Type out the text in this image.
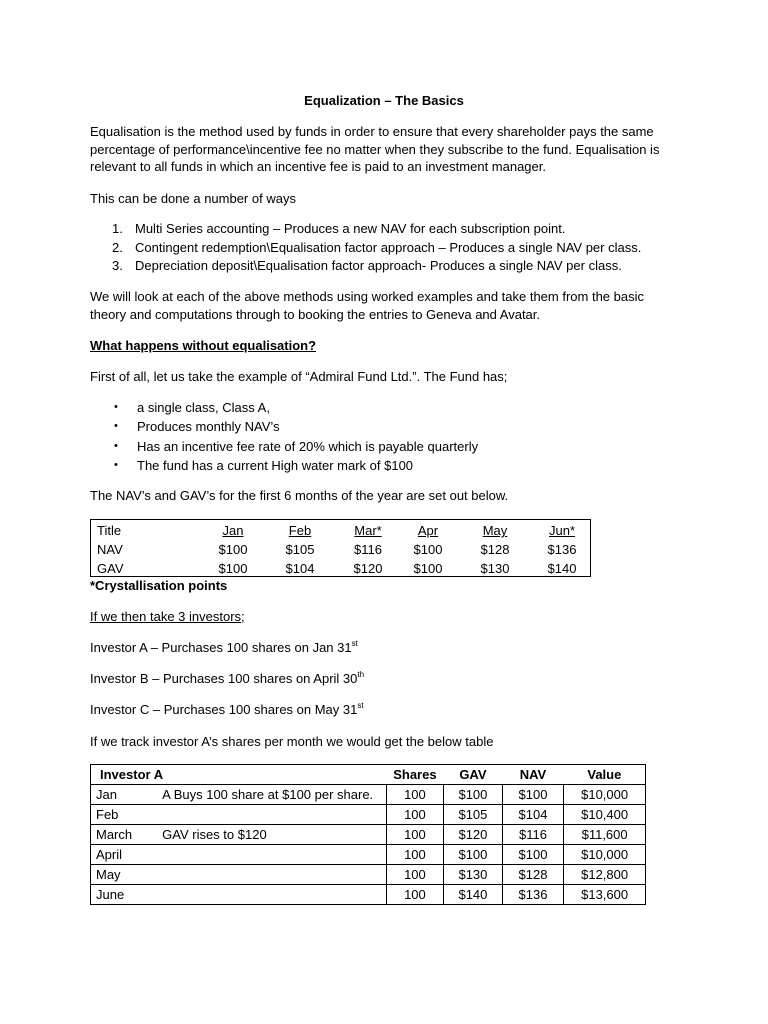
Equalization – The Basics

Equalisation is the method used by funds in order to ensure that every shareholder pays the same percentage of performance\incentive fee no matter when they subscribe to the fund. Equalisation is relevant to all funds in which an incentive fee is paid to an investment manager.

This can be done a number of ways

1. Multi Series accounting – Produces a new NAV for each subscription point.
2. Contingent redemption\Equalisation factor approach – Produces a single NAV per class.
3. Depreciation deposit\Equalisation factor approach- Produces a single NAV per class.

We will look at each of the above methods using worked examples and take them from the basic theory and computations through to booking the entries to Geneva and Avatar.

What happens without equalisation?

First of all, let us take the example of “Admiral Fund Ltd.”. The Fund has;

• a single class, Class A,
• Produces monthly NAV’s
• Has an incentive fee rate of 20% which is payable quarterly
• The fund has a current High water mark of $100

The NAV’s and GAV’s for the first 6 months of the year are set out below.

Title	Jan	Feb	Mar*	Apr	May	Jun*
NAV	$100	$105	$116	$100	$128	$136
GAV	$100	$104	$120	$100	$130	$140

*Crystallisation points

If we then take 3 investors;

Investor A – Purchases 100 shares on Jan 31st

Investor B – Purchases 100 shares on April 30th

Investor C – Purchases 100 shares on May 31st

If we track investor A’s shares per month we would get the below table

Investor A		Shares	GAV	NAV	Value

Jan	A Buys 100 share at $100 per share.	100	$100	$100	$10,000
Feb		100	$105	$104	$10,400
March	GAV rises to $120	100	$120	$116	$11,600
April		100	$100	$100	$10,000
May		100	$130	$128	$12,800
June		100	$140	$136	$13,600
